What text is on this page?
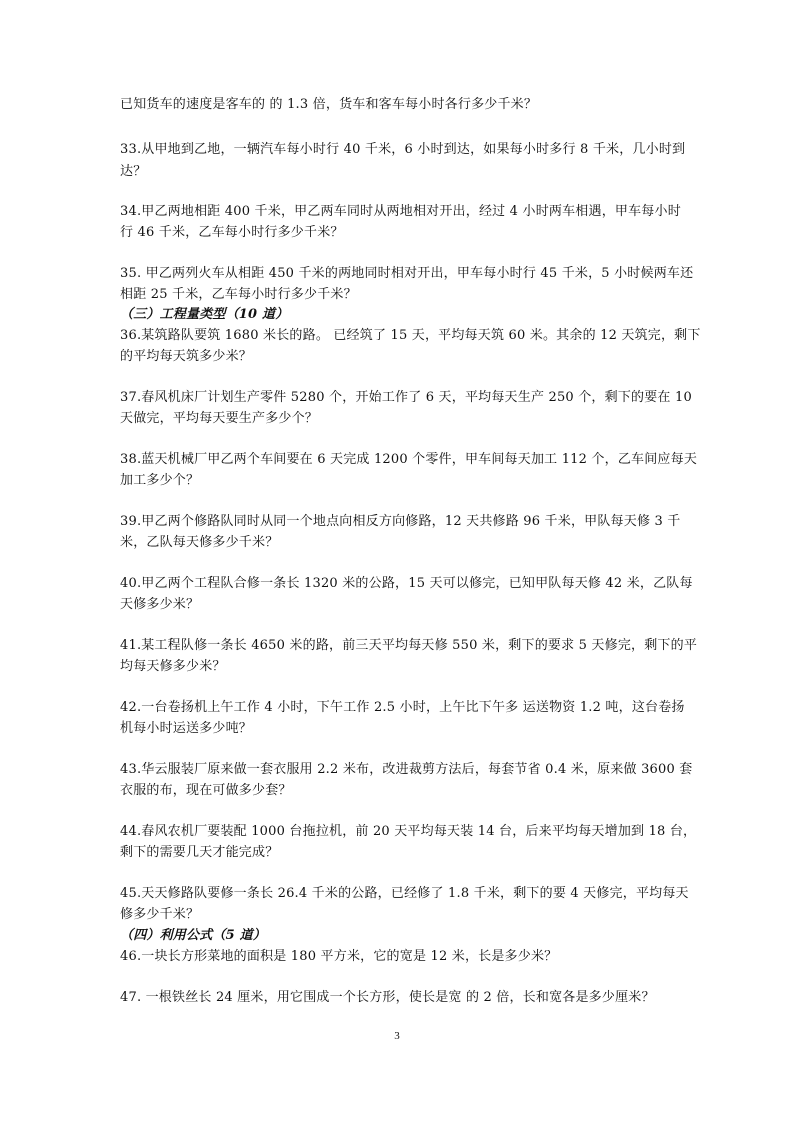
已知货车的速度是客车的 的 1.3 倍，货车和客车每小时各行多少千米？
33.从甲地到乙地，一辆汽车每小时行 40 千米，6 小时到达，如果每小时多行 8 千米，几小时到
达？
34.甲乙两地相距 400 千米，甲乙两车同时从两地相对开出，经过 4 小时两车相遇，甲车每小时
行 46 千米，乙车每小时行多少千米？
35. 甲乙两列火车从相距 450 千米的两地同时相对开出，甲车每小时行 45 千米，5 小时候两车还
相距 25 千米，乙车每小时行多少千米？
（三）工程量类型（10 道）
36.某筑路队要筑 1680 米长的路。 已经筑了 15 天，平均每天筑 60 米。其余的 12 天筑完，剩下
的平均每天筑多少米？
37.春风机床厂计划生产零件 5280 个，开始工作了 6 天，平均每天生产 250 个，剩下的要在 10
天做完，平均每天要生产多少个？
38.蓝天机械厂甲乙两个车间要在 6 天完成 1200 个零件，甲车间每天加工 112 个，乙车间应每天
加工多少个？
39.甲乙两个修路队同时从同一个地点向相反方向修路，12 天共修路 96 千米，甲队每天修 3 千
米，乙队每天修多少千米？
40.甲乙两个工程队合修一条长 1320 米的公路，15 天可以修完，已知甲队每天修 42 米，乙队每
天修多少米？
41.某工程队修一条长 4650 米的路，前三天平均每天修 550 米，剩下的要求 5 天修完，剩下的平
均每天修多少米？
42.一台卷扬机上午工作 4 小时，下午工作 2.5 小时，上午比下午多 运送物资 1.2 吨，这台卷扬
机每小时运送多少吨？
43.华云服装厂原来做一套衣服用 2.2 米布，改进裁剪方法后，每套节省 0.4 米，原来做 3600 套
衣服的布，现在可做多少套？
44.春风农机厂要装配 1000 台拖拉机，前 20 天平均每天装 14 台，后来平均每天增加到 18 台，
剩下的需要几天才能完成？
45.天天修路队要修一条长 26.4 千米的公路，已经修了 1.8 千米，剩下的要 4 天修完，平均每天
修多少千米？
（四）利用公式（5 道）
46.一块长方形菜地的面积是 180 平方米，它的宽是 12 米，长是多少米？
47. 一根铁丝长 24 厘米，用它围成一个长方形，使长是宽 的 2 倍，长和宽各是多少厘米？
3
